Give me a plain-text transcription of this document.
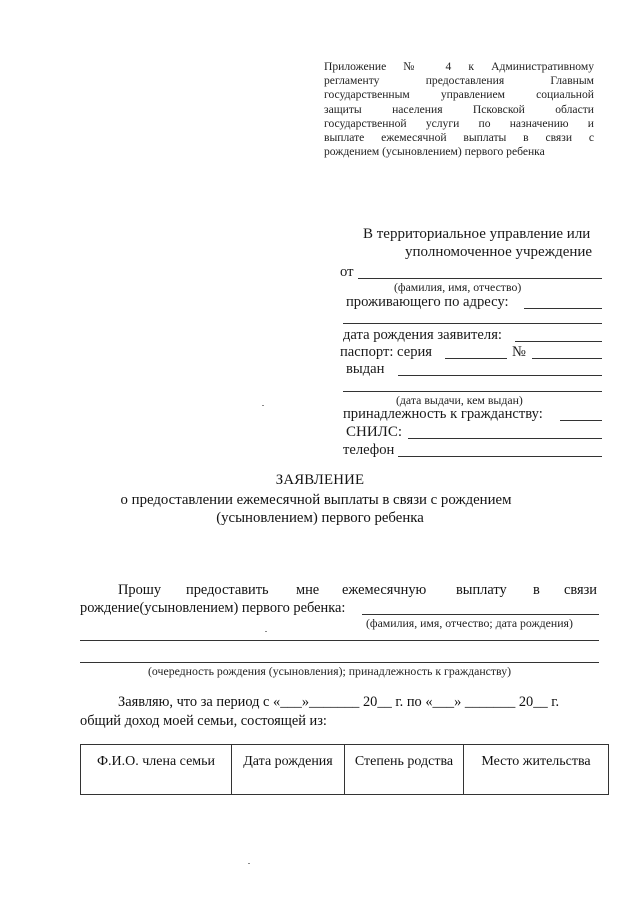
Приложение № 4 к Административному
регламенту предоставления Главным
государственным управлением социальной
защиты населения Псковской области
государственной услуги по назначению и
выплате ежемесячной выплаты в связи с
рождением (усыновлением) первого ребенка
В территориальное управление или
уполномоченное учреждение
от
(фамилия, имя, отчество)
проживающего по адресу:
дата рождения заявителя:
паспорт: серия	№
выдан
(дата выдачи, кем выдан)
принадлежность к гражданству:
СНИЛС:
телефон
ЗАЯВЛЕНИЕ
о предоставлении ежемесячной выплаты в связи с рождением
(усыновлением) первого ребенка
Прошу предоставить мне ежемесячную выплату в связи
рождение(усыновлением) первого ребенка:
(фамилия, имя, отчество; дата рождения)
(очередность рождения (усыновления); принадлежность к гражданству)
Заявляю, что за период с «___»_______ 20__ г. по «___» _______ 20__ г.
общий доход моей семьи, состоящей из:
Ф.И.О. члена семьи	Дата рождения	Степень родства	Место жительства
